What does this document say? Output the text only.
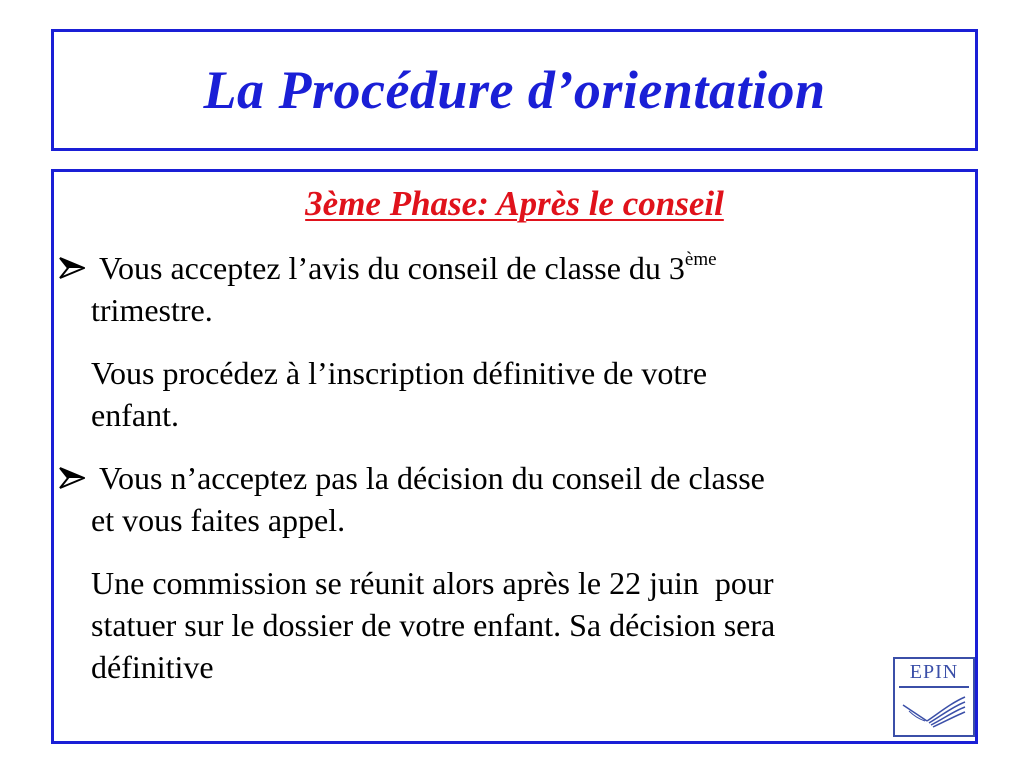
La Procédure d’orientation

3ème Phase: Après le conseil

Vous acceptez l’avis du conseil de classe du 3ème
trimestre.
Vous procédez à l’inscription définitive de votre
enfant.
Vous n’acceptez pas la décision du conseil de classe
et vous faites appel.
Une commission se réunit alors après le 22 juin  pour
statuer sur le dossier de votre enfant. Sa décision sera
définitive	EPIN
